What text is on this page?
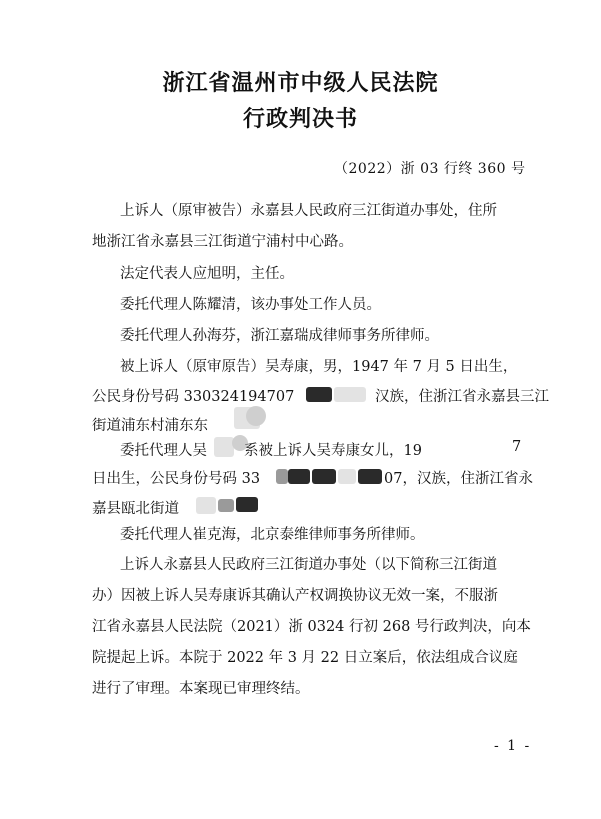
浙江省温州市中级人民法院
行政判决书
（2022）浙 03 行终 360 号
上诉人（原审被告）永嘉县人民政府三江街道办事处，住所
地浙江省永嘉县三江街道宁浦村中心路。
法定代表人应旭明，主任。
委托代理人陈耀清，该办事处工作人员。
委托代理人孙海芬，浙江嘉瑞成律师事务所律师。
被上诉人（原审原告）吴寿康，男，1947 年 7 月 5 日出生，
公民身份号码 330324194707	汉族，住浙江省永嘉县三江
街道浦东村浦东东
委托代理人吴	系被上诉人吴寿康女儿，19	7
日出生，公民身份号码 33	07，汉族，住浙江省永
嘉县瓯北街道
委托代理人崔克海，北京泰维律师事务所律师。
上诉人永嘉县人民政府三江街道办事处（以下简称三江街道
办）因被上诉人吴寿康诉其确认产权调换协议无效一案，不服浙
江省永嘉县人民法院（2021）浙 0324 行初 268 号行政判决，向本
院提起上诉。本院于 2022 年 3 月 22 日立案后，依法组成合议庭
进行了审理。本案现已审理终结。
- 1 -
